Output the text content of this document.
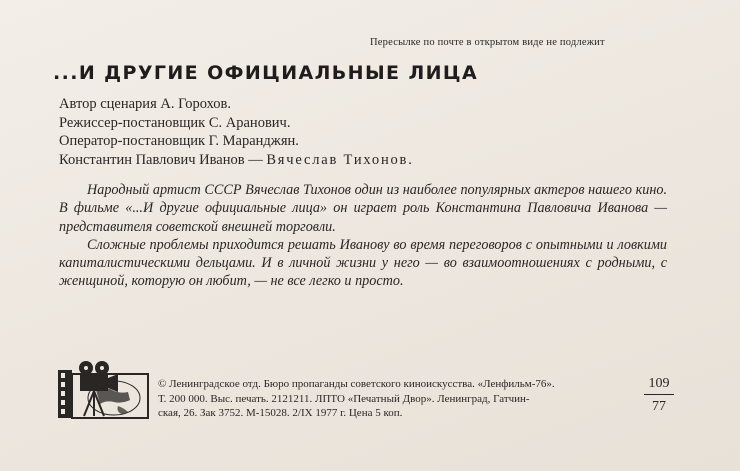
Пересылке по почте в открытом виде не подлежит
...И ДРУГИЕ ОФИЦИАЛЬНЫЕ ЛИЦА
Автор сценария А. Горохов.
Режиссер-постановщик С. Аранович.
Оператор-постановщик Г. Маранджян.
Константин Павлович Иванов — Вячеслав Тихонов.

Народный артист СССР Вячеслав Тихонов один из наиболее популярных актеров нашего кино. В фильме «...И другие официальные лица» он играет роль Константина Павловича Иванова — представителя советской внешней торговли.

Сложные проблемы приходится решать Иванову во время переговоров с опытными и ловкими капиталистическими дельцами. И в личной жизни у него — во взаимоотношениях с родными, с женщиной, которую он любит, — не все легко и просто.

© Ленинградское отд. Бюро пропаганды советского киноискусства. «Ленфильм-76».
Т. 200 000. Выс. печать. 2121211. ЛПТО «Печатный Двор». Ленинград, Гатчин-
ская, 26. Зак 3752. М-15028. 2/IX 1977 г. Цена 5 коп.
109
77
